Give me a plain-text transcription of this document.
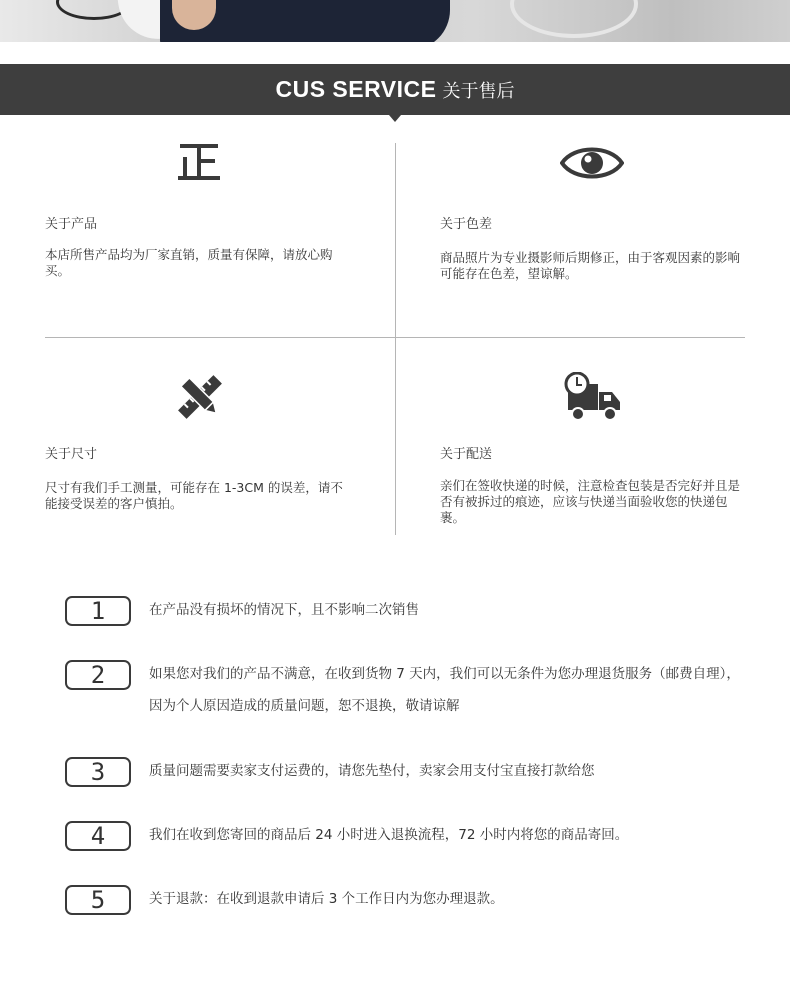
CUS SERVICE 关于售后
关于产品
本店所售产品均为厂家直销，质量有保障，请放心购买。
关于色差
商品照片为专业摄影师后期修正，由于客观因素的影响可能存在色差，望谅解。
关于尺寸
尺寸有我们手工测量，可能存在 1-3CM 的误差，请不能接受误差的客户慎拍。
关于配送
亲们在签收快递的时候，注意检查包装是否完好并且是否有被拆过的痕迹，应该与快递当面验收您的快递包裹。
1	在产品没有损坏的情况下，且不影响二次销售
2	如果您对我们的产品不满意，在收到货物 7 天内，我们可以无条件为您办理退货服务（邮费自理），因为个人原因造成的质量问题，恕不退换，敬请谅解
3	质量问题需要卖家支付运费的，请您先垫付，卖家会用支付宝直接打款给您
4	我们在收到您寄回的商品后 24 小时进入退换流程，72 小时内将您的商品寄回。
5	关于退款：在收到退款申请后 3 个工作日内为您办理退款。
